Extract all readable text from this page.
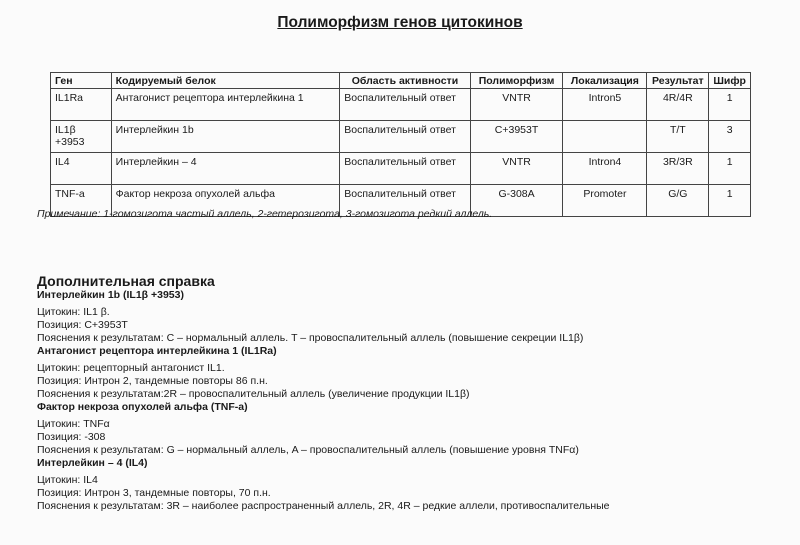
Полиморфизм генов цитокинов
Ген	Кодируемый белок	Область активности	Полиморфизм	Локализация	Результат	Шифр
IL1Ra	Антагонист рецептора интерлейкина 1	Воспалительный ответ	VNTR	Intron5	4R/4R	1
IL1β +3953	Интерлейкин 1b	Воспалительный ответ	C+3953T		T/T	3
IL4	Интерлейкин – 4	Воспалительный ответ	VNTR	Intron4	3R/3R	1
TNF-a	Фактор некроза опухолей альфа	Воспалительный ответ	G-308A	Promoter	G/G	1
Примечание: 1-гомозигота частый аллель, 2-гетерозигота, 3-гомозигота редкий аллель.
Дополнительная справка
Интерлейкин 1b (IL1β +3953)
Цитокин: IL1 β.
Позиция: C+3953T
Пояснения к результатам: C – нормальный аллель. T – провоспалительный аллель (повышение секреции IL1β)
Антагонист рецептора интерлейкина 1 (IL1Ra)
Цитокин: рецепторный антагонист IL1.
Позиция: Интрон 2, тандемные повторы 86 п.н.
Пояснения к результатам:2R – провоспалительный аллель (увеличение продукции IL1β)
Фактор некроза опухолей альфа (TNF-a)
Цитокин: TNFα
Позиция: -308
Пояснения к результатам: G – нормальный аллель, A – провоспалительный аллель (повышение уровня TNFα)
Интерлейкин – 4 (IL4)
Цитокин: IL4
Позиция: Интрон 3, тандемные повторы, 70 п.н.
Пояснения к результатам: 3R – наиболее распространенный аллель, 2R, 4R – редкие аллели, противоспалительные
